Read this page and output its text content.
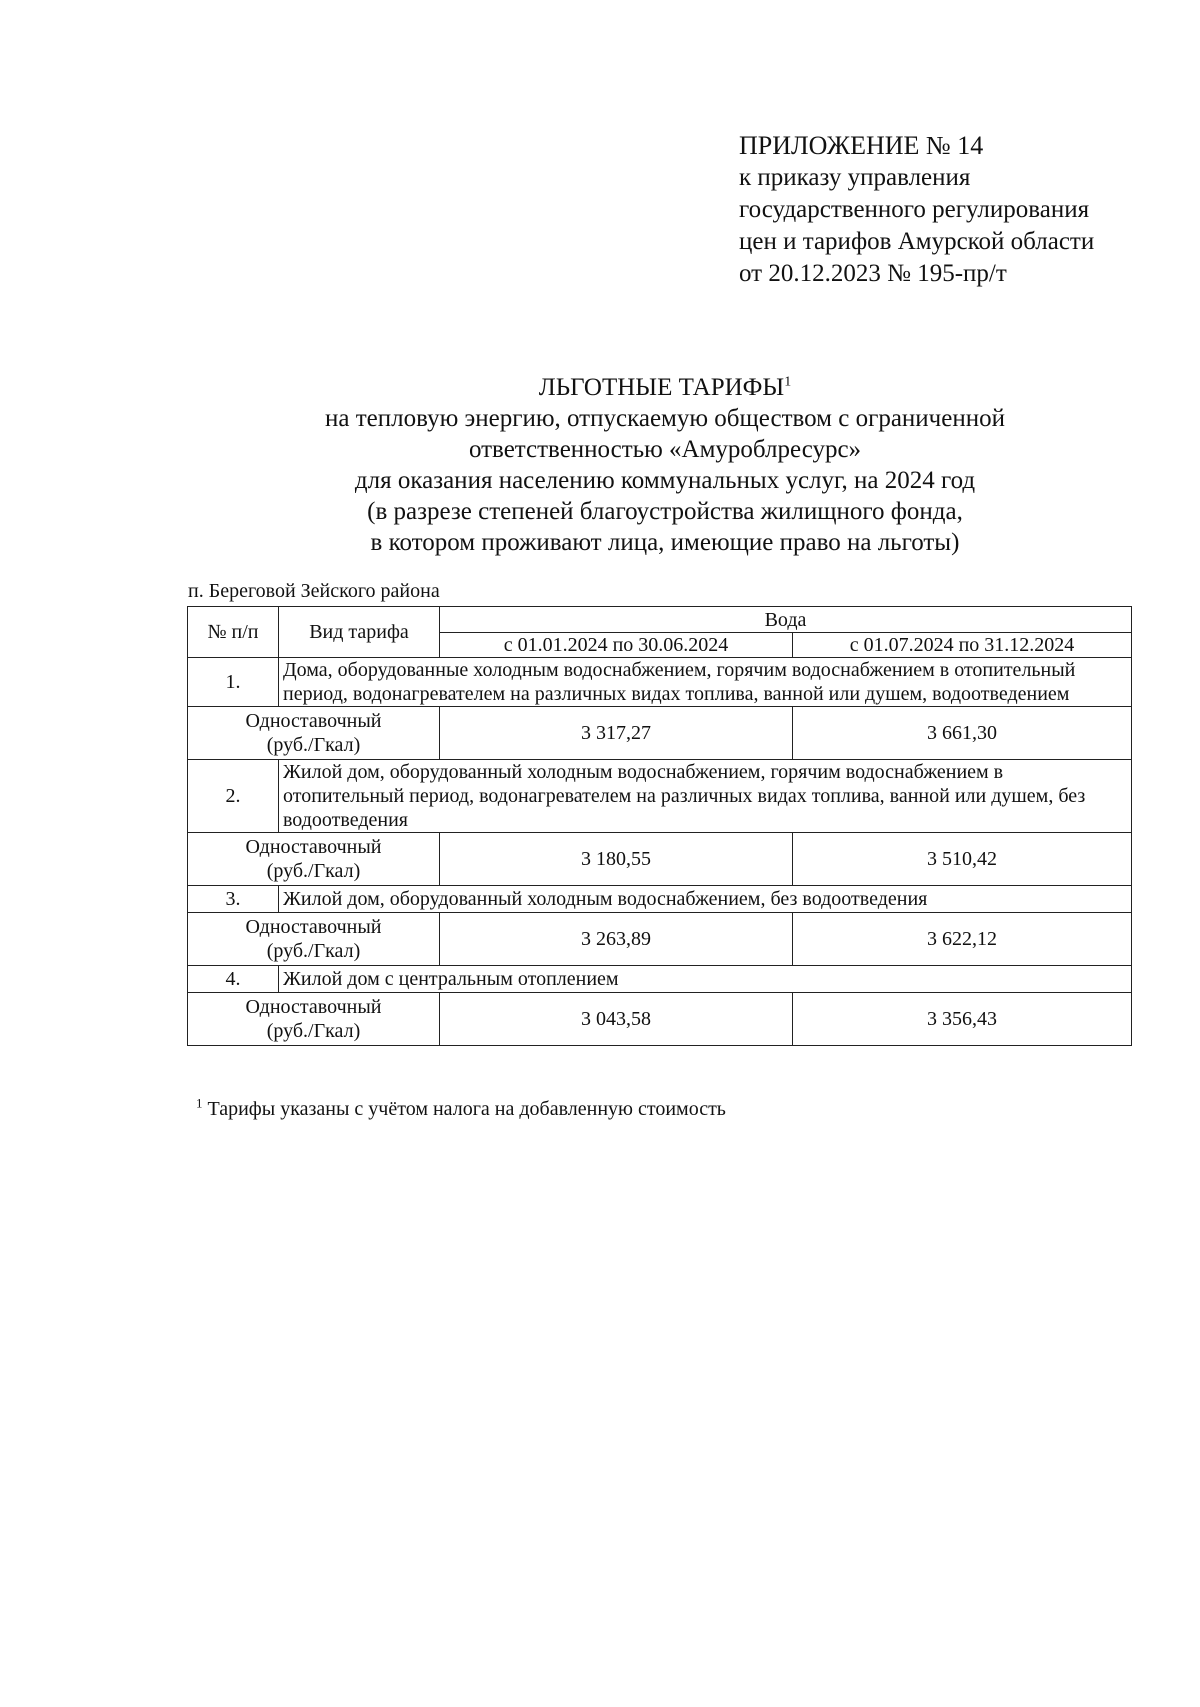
ПРИЛОЖЕНИЕ № 14
к приказу управления
государственного регулирования
цен и тарифов Амурской области
от 20.12.2023 № 195-пр/т
ЛЬГОТНЫЕ ТАРИФЫ$^1$
на тепловую энергию, отпускаемую обществом с ограниченной
ответственностью «Амуроблресурс»
для оказания населению коммунальных услуг, на 2024 год
(в разрезе степеней благоустройства жилищного фонда,
в котором проживают лица, имеющие право на льготы)
п. Береговой Зейского района
№ п/п	Вид тарифа	Вода	
		с 01.01.2024 по 30.06.2024	с 01.07.2024 по 31.12.2024
1.	Дома, оборудованные холодным водоснабжением, горячим водоснабжением в отопительный период, водонагревателем на различных видах топлива, ванной или душем, водоотведением		

Одноставочный
(руб./Гкал)		3 317,27	3 661,30
2.	Жилой дом, оборудованный холодным водоснабжением, горячим водоснабжением в отопительный период, водонагревателем на различных видах топлива, ванной или душем, без водоотведения		

Одноставочный
(руб./Гкал)		3 180,55	3 510,42
3.	Жилой дом, оборудованный холодным водоснабжением, без водоотведения		

Одноставочный
(руб./Гкал)		3 263,89	3 622,12
4.	Жилой дом с центральным отоплением		

Одноставочный
(руб./Гкал)		3 043,58	3 356,43
$^1$ Тарифы указаны с учётом налога на добавленную стоимость
